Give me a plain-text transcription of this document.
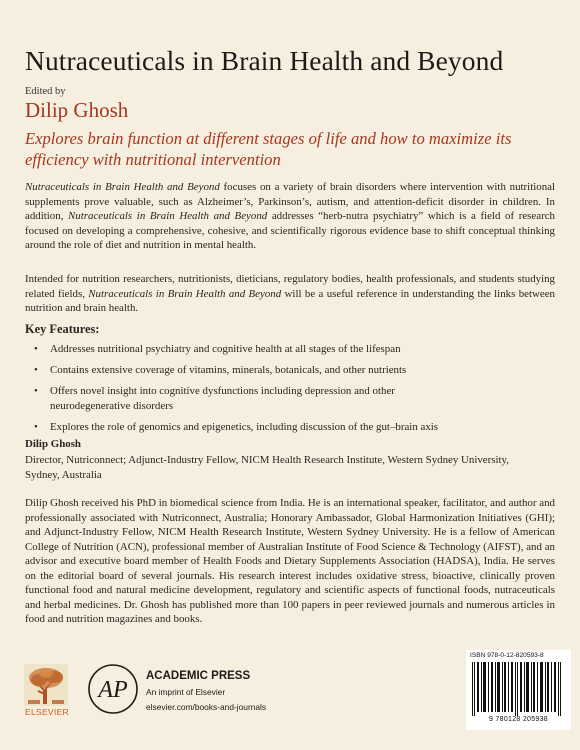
Nutraceuticals in Brain Health and Beyond
Edited by
Dilip Ghosh
Explores brain function at different stages of life and how to maximize its efficiency with nutritional intervention
Nutraceuticals in Brain Health and Beyond focuses on a variety of brain disorders where intervention with nutritional supplements prove valuable, such as Alzheimer’s, Parkinson’s, autism, and attention-deficit disorder in children. In addition, Nutraceuticals in Brain Health and Beyond addresses “herb-nutra psychiatry” which is a field of research focused on developing a comprehensive, cohesive, and scientifically rigorous evidence base to shift conceptual thinking around the role of diet and nutrition in mental health.
Intended for nutrition researchers, nutritionists, dieticians, regulatory bodies, health professionals, and students studying related fields, Nutraceuticals in Brain Health and Beyond will be a useful reference in understanding the links between nutrition and brain health.
Key Features:
• Addresses nutritional psychiatry and cognitive health at all stages of the lifespan
• Contains extensive coverage of vitamins, minerals, botanicals, and other nutrients
• Offers novel insight into cognitive dysfunctions including depression and other neurodegenerative disorders
• Explores the role of genomics and epigenetics, including discussion of the gut–brain axis
Dilip Ghosh
Director, Nutriconnect; Adjunct-Industry Fellow, NICM Health Research Institute, Western Sydney University, Sydney, Australia
Dilip Ghosh received his PhD in biomedical science from India. He is an international speaker, facilitator, and author and professionally associated with Nutriconnect, Australia; Honorary Ambassador, Global Harmonization Initiatives (GHI); and Adjunct-Industry Fellow, NICM Health Research Institute, Western Sydney University. He is a fellow of American College of Nutrition (ACN), professional member of Australian Institute of Food Science & Technology (AIFST), and an advisor and executive board member of Health Foods and Dietary Supplements Association (HADSA), India. He serves on the editorial board of several journals. His research interest includes oxidative stress, bioactive, clinically proven functional food and natural medicine development, regulatory and scientific aspects of functional foods, nutraceuticals and herbal medicines. Dr. Ghosh has published more than 100 papers in peer reviewed journals and numerous articles in food and nutrition magazines and books.
ELSEVIER
AP
ACADEMIC PRESS
An imprint of Elsevier
elsevier.com/books-and-journals
ISBN 978-0-12-820593-8
9 780128 205938
